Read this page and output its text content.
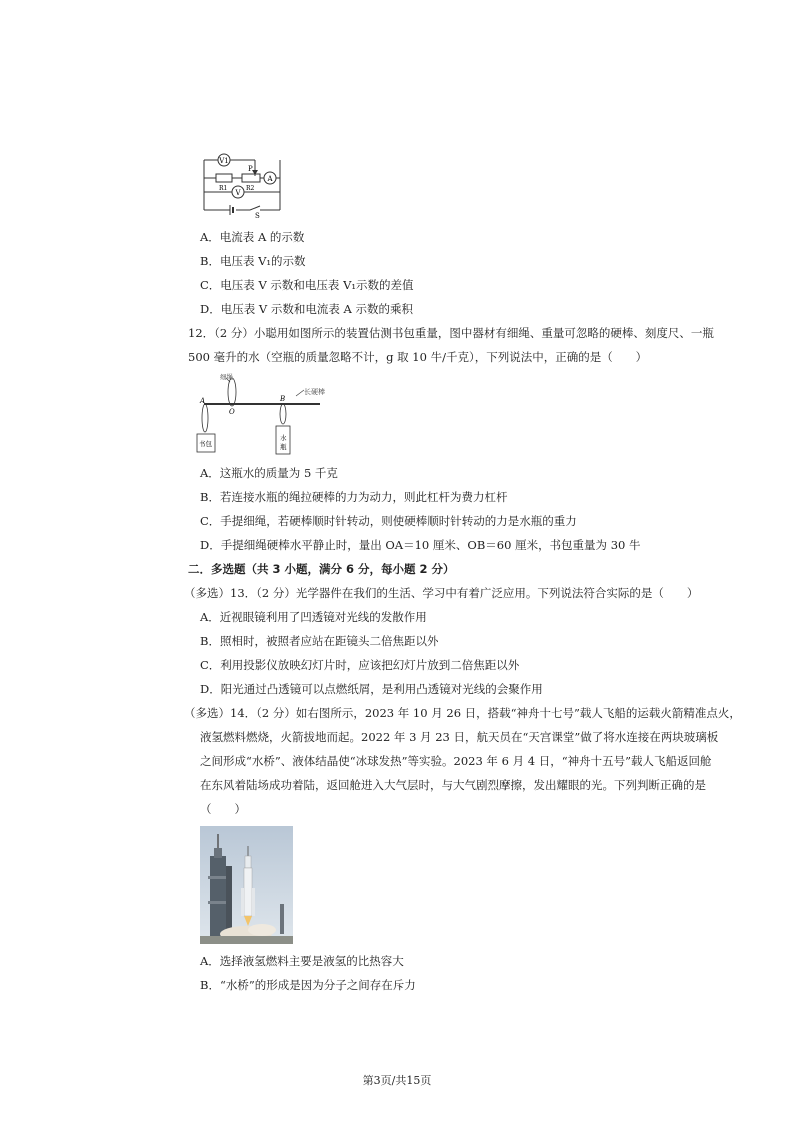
V1
P
R1	R2
A
V
S
A．电流表 A 的示数
B．电压表 V₁的示数
C．电压表 V 示数和电压表 V₁示数的差值
D．电压表 V 示数和电流表 A 示数的乘积
12．（2 分）小聪用如图所示的装置估测书包重量，图中器材有细绳、重量可忽略的硬棒、刻度尺、一瓶
500 毫升的水（空瓶的质量忽略不计，g 取 10 牛/千克），下列说法中，正确的是（　　）
细绳
长硬棒
A
O
B
书包
水
瓶
A．这瓶水的质量为 5 千克
B．若连接水瓶的绳拉硬棒的力为动力，则此杠杆为费力杠杆
C．手提细绳，若硬棒顺时针转动，则使硬棒顺时针转动的力是水瓶的重力
D．手提细绳硬棒水平静止时，量出 OA＝10 厘米、OB＝60 厘米，书包重量为 30 牛
二．多选题（共 3 小题，满分 6 分，每小题 2 分）
（多选）13．（2 分）光学器件在我们的生活、学习中有着广泛应用。下列说法符合实际的是（　　）
A．近视眼镜利用了凹透镜对光线的发散作用
B．照相时，被照者应站在距镜头二倍焦距以外
C．利用投影仪放映幻灯片时，应该把幻灯片放到二倍焦距以外
D．阳光通过凸透镜可以点燃纸屑，是利用凸透镜对光线的会聚作用
（多选）14．（2 分）如右图所示，2023 年 10 月 26 日，搭载“神舟十七号”载人飞船的运载火箭精准点火，
液氢燃料燃烧，火箭拔地而起。2022 年 3 月 23 日，航天员在“天宫课堂”做了将水连接在两块玻璃板
之间形成“水桥”、液体结晶使“冰球发热”等实验。2023 年 6 月 4 日，“神舟十五号”载人飞船返回舱
在东风着陆场成功着陆，返回舱进入大气层时，与大气剧烈摩擦，发出耀眼的光。下列判断正确的是
（　　）
A．选择液氢燃料主要是液氢的比热容大
B．“水桥”的形成是因为分子之间存在斥力
第3页/共15页
